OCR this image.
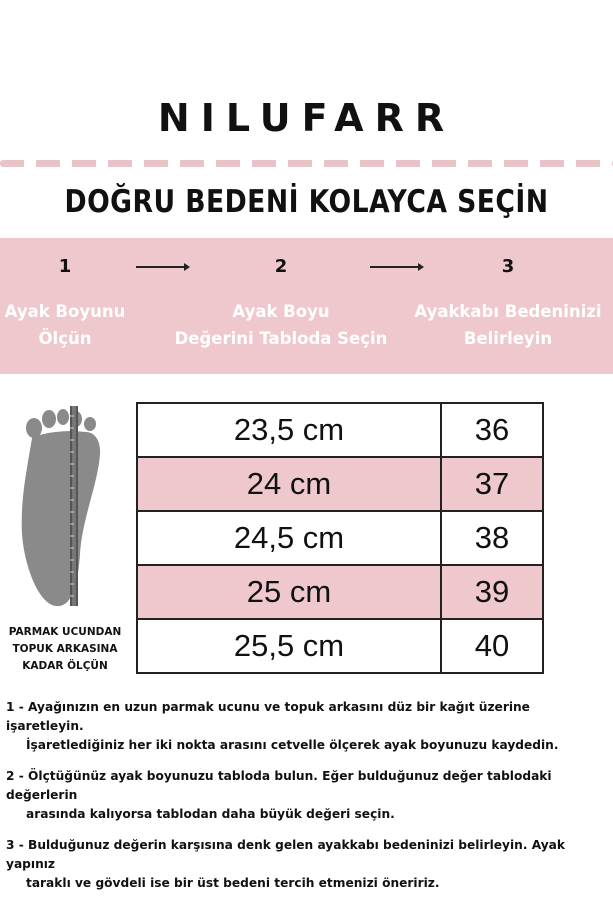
NILUFARR
DOĞRU BEDENİ KOLAYCA SEÇİN
1	2	3
Ayak Boyunu
Ölçün
Ayak Boyu
Değerini Tabloda Seçin
Ayakkabı Bedeninizi
Belirleyin
PARMAK UCUNDAN
TOPUK ARKASINA
KADAR ÖLÇÜN
23,5 cm	36
24 cm	37
24,5 cm	38
25 cm	39
25,5 cm	40

1 - Ayağınızın en uzun parmak ucunu ve topuk arkasını düz bir kağıt üzerine işaretleyin.
İşaretlediğiniz her iki nokta arasını cetvelle ölçerek ayak boyunuzu kaydedin.

2 - Ölçtüğünüz ayak boyunuzu tabloda bulun. Eğer bulduğunuz değer tablodaki değerlerin
arasında kalıyorsa tablodan daha büyük değeri seçin.

3 - Bulduğunuz değerin karşısına denk gelen ayakkabı bedeninizi belirleyin. Ayak yapınız
taraklı ve gövdeli ise bir üst bedeni tercih etmenizi öneririz.
